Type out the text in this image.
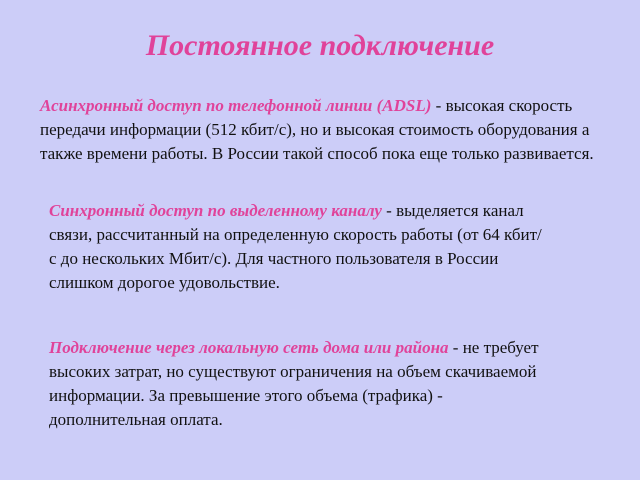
Постоянное подключение

Асинхронный доступ по телефонной линии (ADSL) - высокая скорость передачи информации (512 кбит/с), но и высокая стоимость оборудования а также времени работы. В России такой способ пока еще только развивается.

Синхронный доступ по выделенному каналу - выделяется канал связи, рассчитанный на определенную скорость работы (от 64 кбит/с до нескольких Мбит/с). Для частного пользователя в России слишком дорогое удовольствие.

Подключение через локальную сеть дома или района - не требует высоких затрат, но существуют ограничения на объем скачиваемой информации. За превышение этого объема (трафика) - дополнительная оплата.
